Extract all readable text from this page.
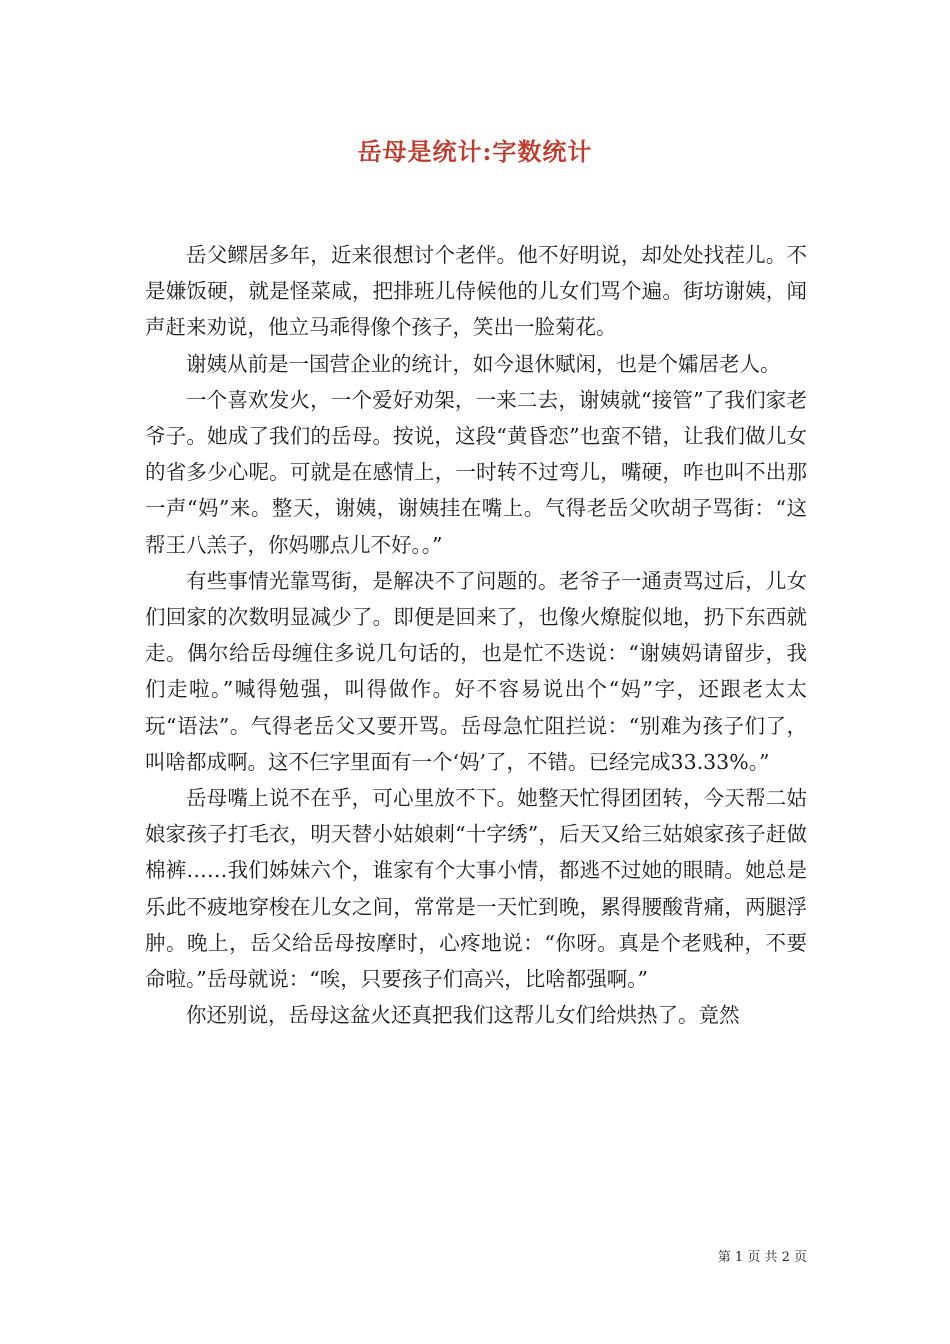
岳母是统计:字数统计

岳父鳏居多年，近来很想讨个老伴。他不好明说，却处处找茬儿。不是嫌饭硬，就是怪菜咸，把排班儿侍候他的儿女们骂个遍。街坊谢姨，闻声赶来劝说，他立马乖得像个孩子，笑出一脸菊花。

谢姨从前是一国营企业的统计，如今退休赋闲，也是个孀居老人。

一个喜欢发火，一个爱好劝架，一来二去，谢姨就“接管”了我们家老爷子。她成了我们的岳母。按说，这段“黄昏恋”也蛮不错，让我们做儿女的省多少心呢。可就是在感情上，一时转不过弯儿，嘴硬，咋也叫不出那一声“妈”来。整天，谢姨，谢姨挂在嘴上。气得老岳父吹胡子骂街：“这帮王八羔子，你妈哪点儿不好。。”

有些事情光靠骂街，是解决不了问题的。老爷子一通责骂过后，儿女们回家的次数明显减少了。即便是回来了，也像火燎腚似地，扔下东西就走。偶尔给岳母缠住多说几句话的，也是忙不迭说：“谢姨妈请留步，我们走啦。”喊得勉强，叫得做作。好不容易说出个“妈”字，还跟老太太玩“语法”。气得老岳父又要开骂。岳母急忙阻拦说：“别难为孩子们了，叫啥都成啊。这不仨字里面有一个‘妈’了，不错。已经完成33.33%。”

岳母嘴上说不在乎，可心里放不下。她整天忙得团团转，今天帮二姑娘家孩子打毛衣，明天替小姑娘刺“十字绣”，后天又给三姑娘家孩子赶做棉裤……我们姊妹六个，谁家有个大事小情，都逃不过她的眼睛。她总是乐此不疲地穿梭在儿女之间，常常是一天忙到晚，累得腰酸背痛，两腿浮肿。晚上，岳父给岳母按摩时，心疼地说：“你呀。真是个老贱种，不要命啦。”岳母就说：“唉，只要孩子们高兴，比啥都强啊。”

你还别说，岳母这盆火还真把我们这帮儿女们给烘热了。竟然

第 1 页 共 2 页
